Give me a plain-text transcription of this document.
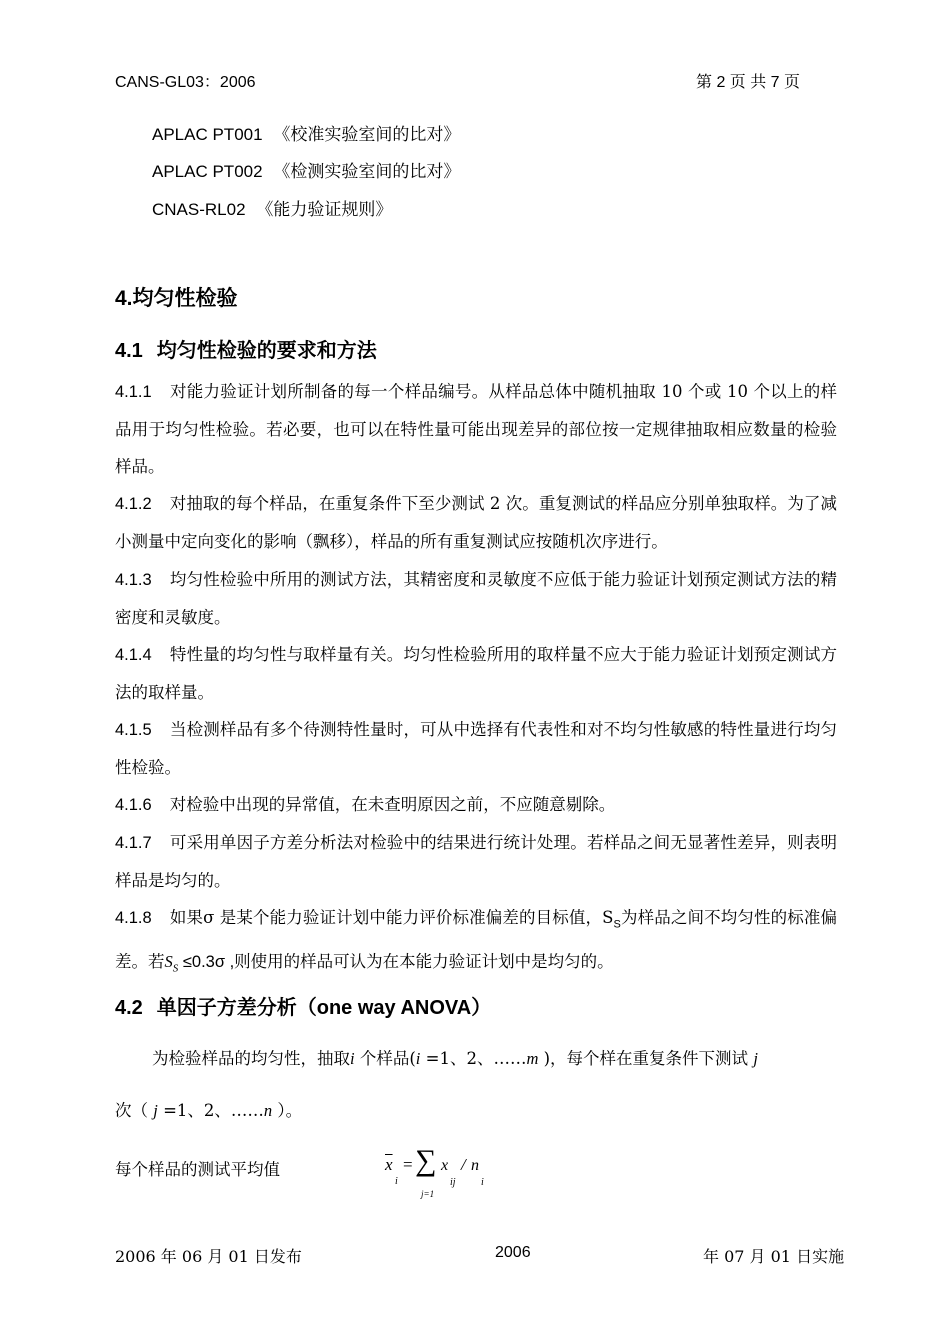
CANS-GL03：2006	第 2 页 共 7 页
APLAC PT001 《校准实验室间的比对》
APLAC PT002 《检测实验室间的比对》
CNAS-RL02 《能力验证规则》
4.均匀性检验
4.1 均匀性检验的要求和方法
4.1.1 对能力验证计划所制备的每一个样品编号。从样品总体中随机抽取 10 个或 10 个以上的样品用于均匀性检验。若必要，也可以在特性量可能出现差异的部位按一定规律抽取相应数量的检验样品。
4.1.2 对抽取的每个样品，在重复条件下至少测试 2 次。重复测试的样品应分别单独取样。为了减小测量中定向变化的影响（飘移），样品的所有重复测试应按随机次序进行。
4.1.3 均匀性检验中所用的测试方法，其精密度和灵敏度不应低于能力验证计划预定测试方法的精密度和灵敏度。
4.1.4 特性量的均匀性与取样量有关。均匀性检验所用的取样量不应大于能力验证计划预定测试方法的取样量。
4.1.5 当检测样品有多个待测特性量时，可从中选择有代表性和对不均匀性敏感的特性量进行均匀性检验。
4.1.6 对检验中出现的异常值，在未查明原因之前，不应随意剔除。
4.1.7 可采用单因子方差分析法对检验中的结果进行统计处理。若样品之间无显著性差异，则表明样品是均匀的。
4.1.8 如果σ 是某个能力验证计划中能力评价标准偏差的目标值，$S_S$为样品之间不均匀性的标准偏差。若$S_S \le 0.3\sigma$ ,则使用的样品可认为在本能力验证计划中是均匀的。
4.2 单因子方差分析（one way ANOVA）
为检验样品的均匀性，抽取i 个样品(i =1、2、……m )，每个样在重复条件下测试 j
次（ j =1、2、……n ）。
每个样品的测试平均值	$\overline{x}$
i
= ∑
j=1
x
ij
/ n
i
2006 年 06 月 01 日发布	2006	年 07 月 01 日实施
